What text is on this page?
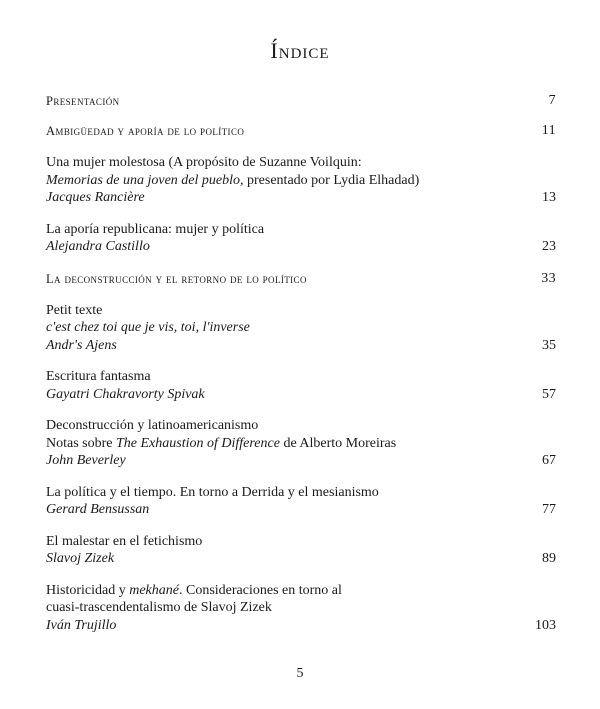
Índice
Presentación	7
Ambigüedad y aporía de lo político	11
Una mujer molestosa (A propósito de Suzanne Voilquin:
Memorias de una joven del pueblo, presentado por Lydia Elhadad)
Jacques Rancière	13
La aporía republicana: mujer y política
Alejandra Castillo	23
La deconstrucción y el retorno de lo político	33
Petit texte
c'est chez toi que je vis, toi, l'inverse
Andr's Ajens	35
Escritura fantasma
Gayatri Chakravorty Spivak	57
Deconstrucción y latinoamericanismo
Notas sobre The Exhaustion of Difference de Alberto Moreiras
John Beverley	67
La política y el tiempo. En torno a Derrida y el mesianismo
Gerard Bensussan	77
El malestar en el fetichismo
Slavoj Zizek	89
Historicidad y mekhané. Consideraciones en torno al
cuasi-trascendentalismo de Slavoj Zizek
Iván Trujillo	103
5
